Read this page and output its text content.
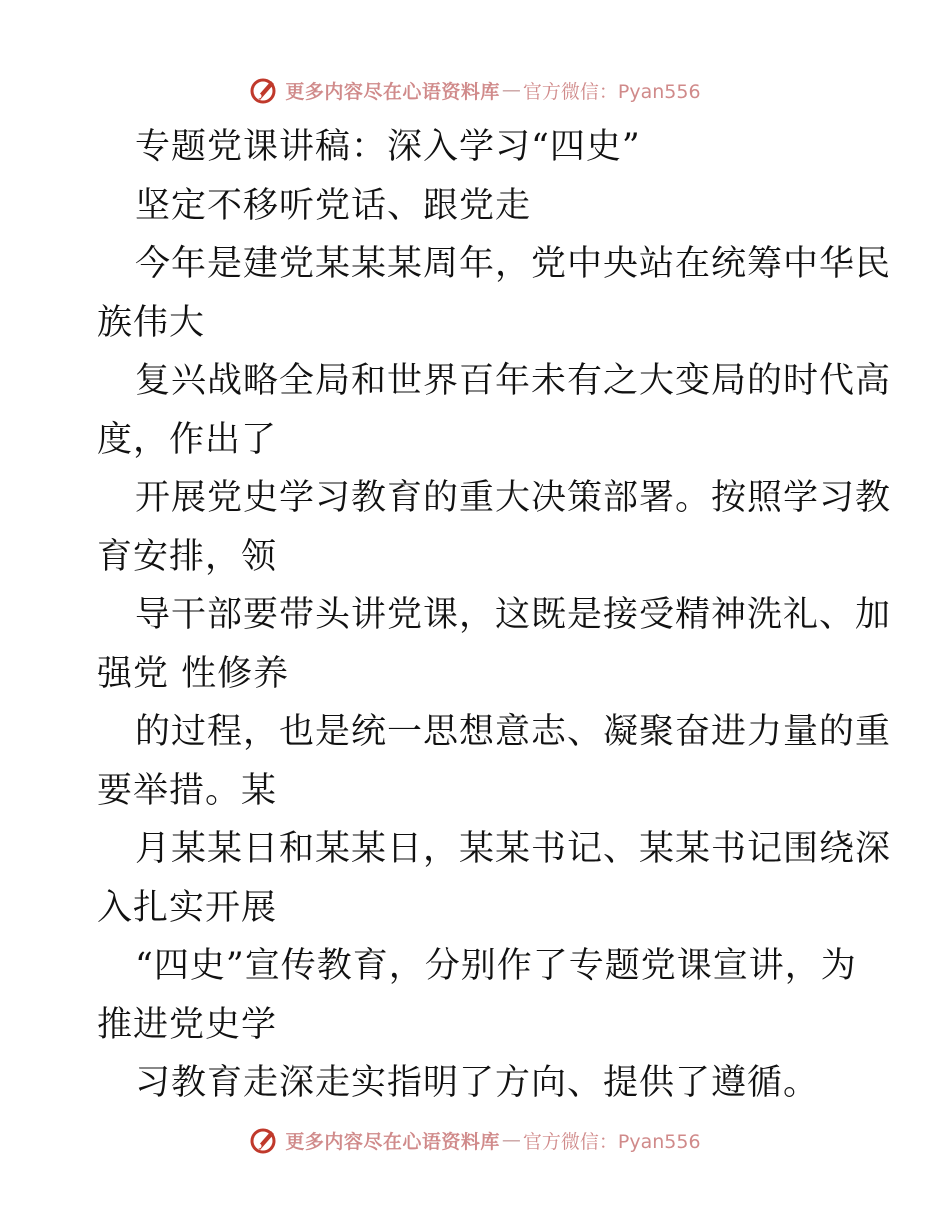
更多内容尽在心语资料库 — 官方微信：Pyan556
专题党课讲稿：深入学习“四史”
坚定不移听党话、跟党走
今年是建党某某某周年，党中央站在统筹中华民
族伟大
复兴战略全局和世界百年未有之大变局的时代高
度，作出了
开展党史学习教育的重大决策部署。按照学习教
育安排，领
导干部要带头讲党课，这既是接受精神洗礼、加
强党 性修养
的过程，也是统一思想意志、凝聚奋进力量的重
要举措。某
月某某日和某某日，某某书记、某某书记围绕深
入扎实开展
“四史”宣传教育，分别作了专题党课宣讲，为
推进党史学
习教育走深走实指明了方向、提供了遵循。
更多内容尽在心语资料库 — 官方微信：Pyan556
